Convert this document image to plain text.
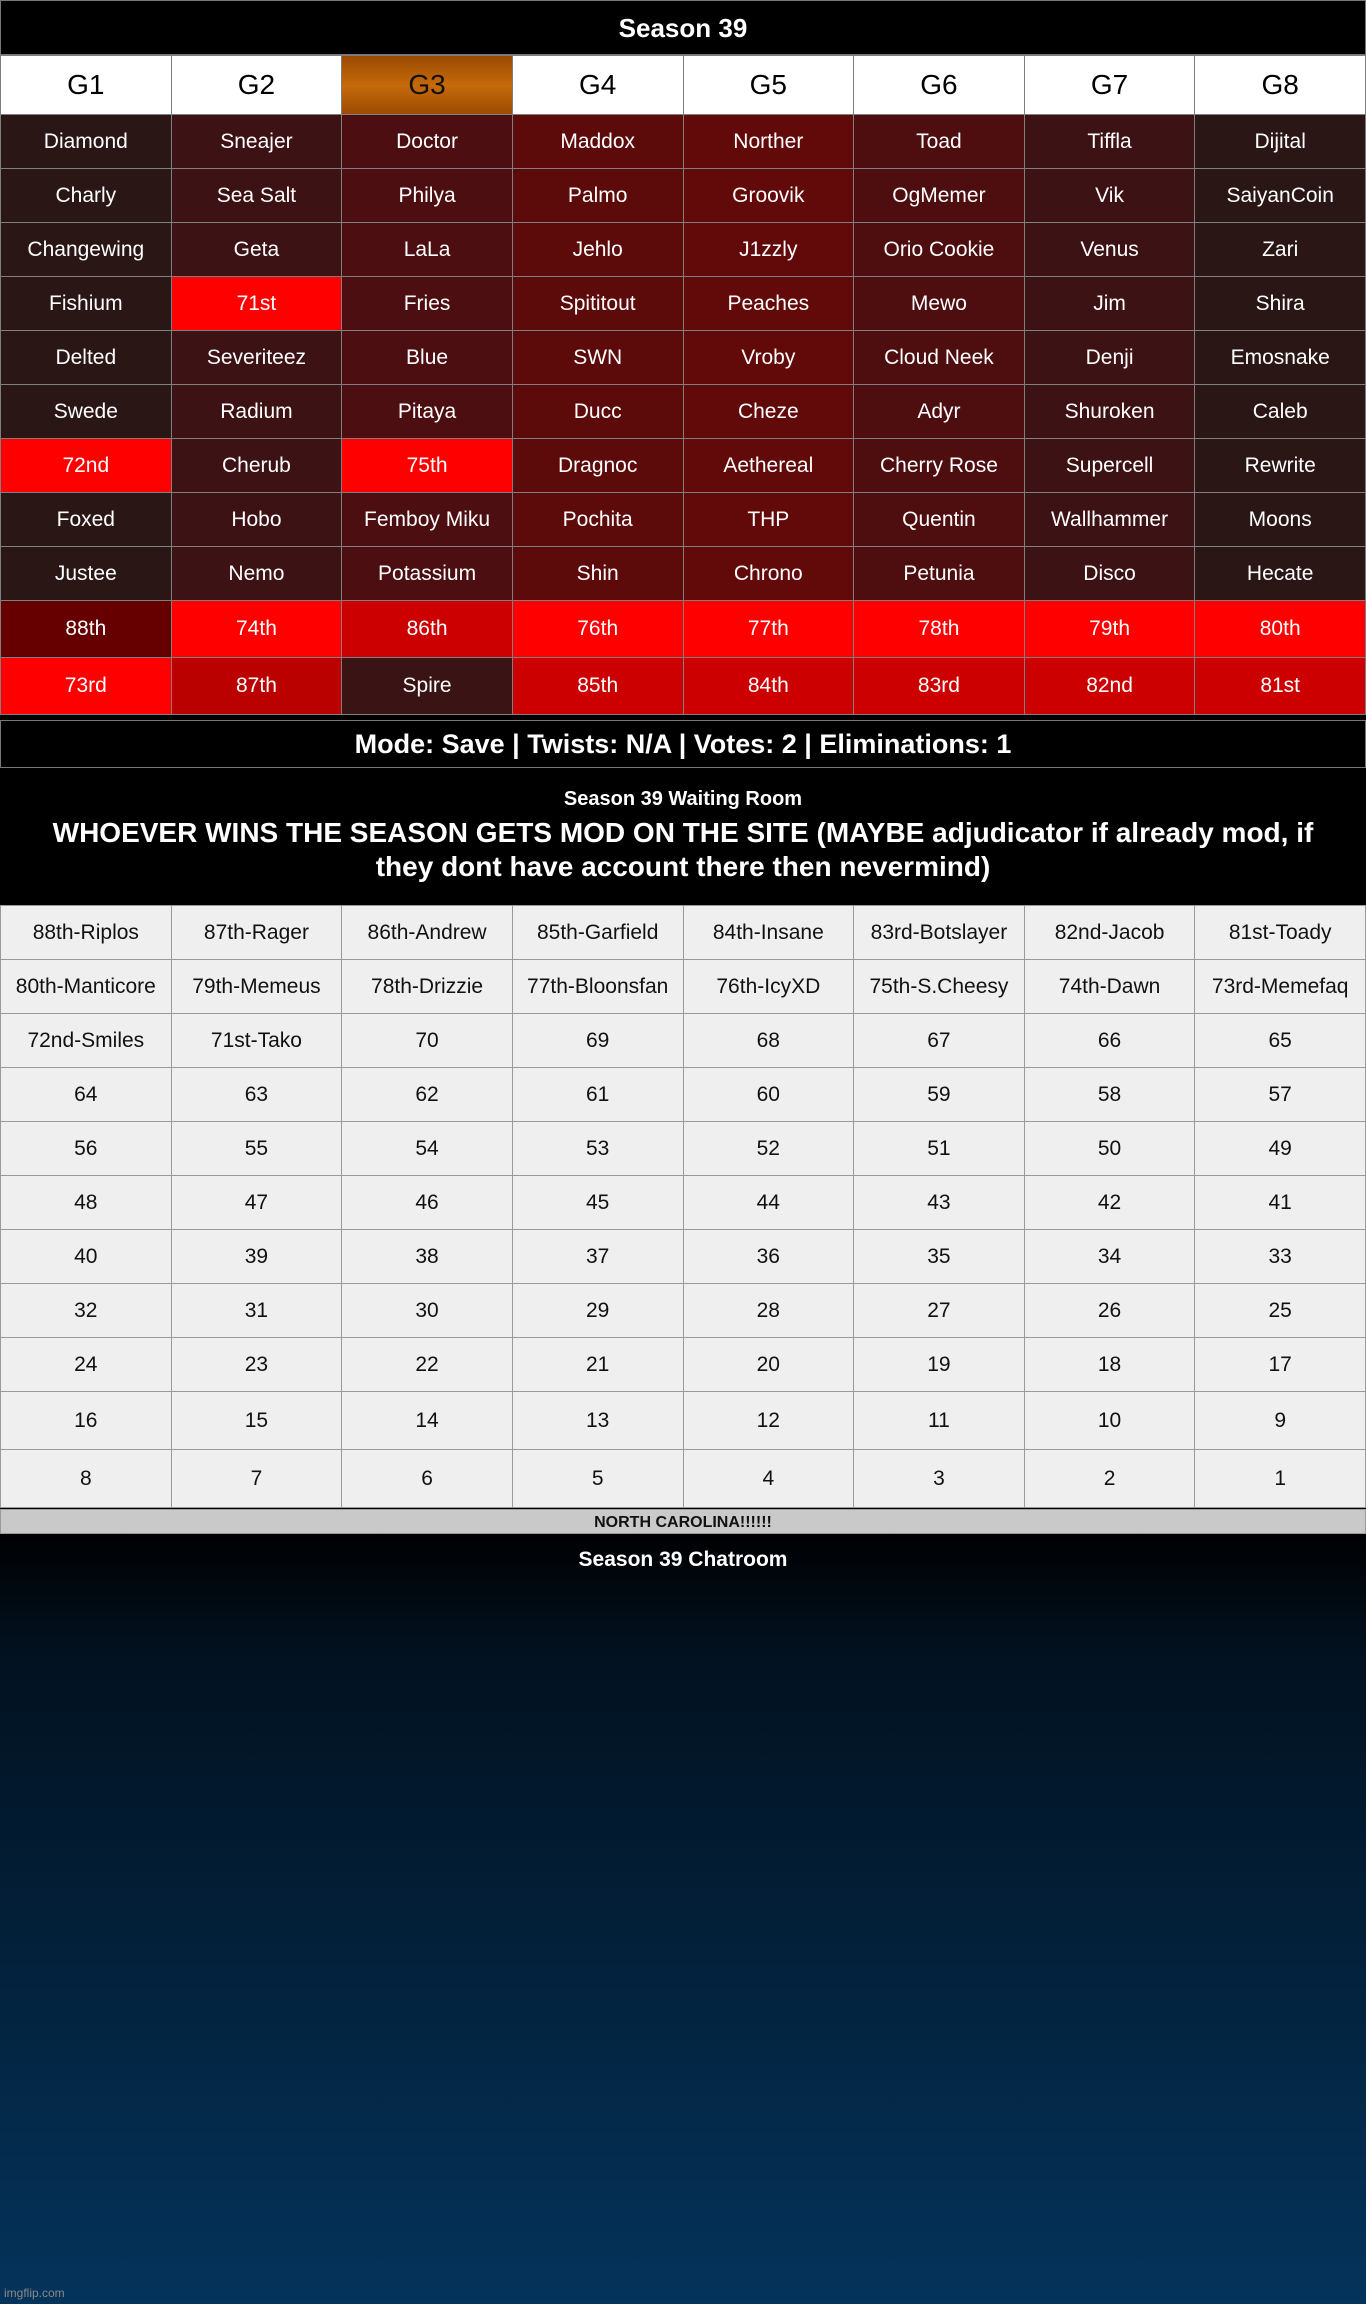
Season 39
G1	G2	G3	G4	G5	G6	G7	G8
Diamond	Sneajer	Doctor	Maddox	Norther	Toad	Tiffla	Dijital
Charly	Sea Salt	Philya	Palmo	Groovik	OgMemer	Vik	SaiyanCoin
Changewing	Geta	LaLa	Jehlo	J1zzly	Orio Cookie	Venus	Zari
Fishium	71st	Fries	Spititout	Peaches	Mewo	Jim	Shira
Delted	Severiteez	Blue	SWN	Vroby	Cloud Neek	Denji	Emosnake
Swede	Radium	Pitaya	Ducc	Cheze	Adyr	Shuroken	Caleb
72nd	Cherub	75th	Dragnoc	Aethereal	Cherry Rose	Supercell	Rewrite
Foxed	Hobo	Femboy Miku	Pochita	THP	Quentin	Wallhammer	Moons
Justee	Nemo	Potassium	Shin	Chrono	Petunia	Disco	Hecate
88th	74th	86th	76th	77th	78th	79th	80th
73rd	87th	Spire	85th	84th	83rd	82nd	81st
Mode: Save | Twists: N/A | Votes: 2 | Eliminations: 1
Season 39 Waiting Room
WHOEVER WINS THE SEASON GETS MOD ON THE SITE (MAYBE adjudicator if already mod, if they dont have account there then nevermind)
88th-Riplos	87th-Rager	86th-Andrew	85th-Garfield	84th-Insane	83rd-Botslayer	82nd-Jacob	81st-Toady
80th-Manticore	79th-Memeus	78th-Drizzie	77th-Bloonsfan	76th-IcyXD	75th-S.Cheesy	74th-Dawn	73rd-Memefaq
72nd-Smiles	71st-Tako	70	69	68	67	66	65
64	63	62	61	60	59	58	57
56	55	54	53	52	51	50	49
48	47	46	45	44	43	42	41
40	39	38	37	36	35	34	33
32	31	30	29	28	27	26	25
24	23	22	21	20	19	18	17
16	15	14	13	12	11	10	9
8	7	6	5	4	3	2	1
NORTH CAROLINA!!!!!!
Season 39 Chatroom
imgflip.com
